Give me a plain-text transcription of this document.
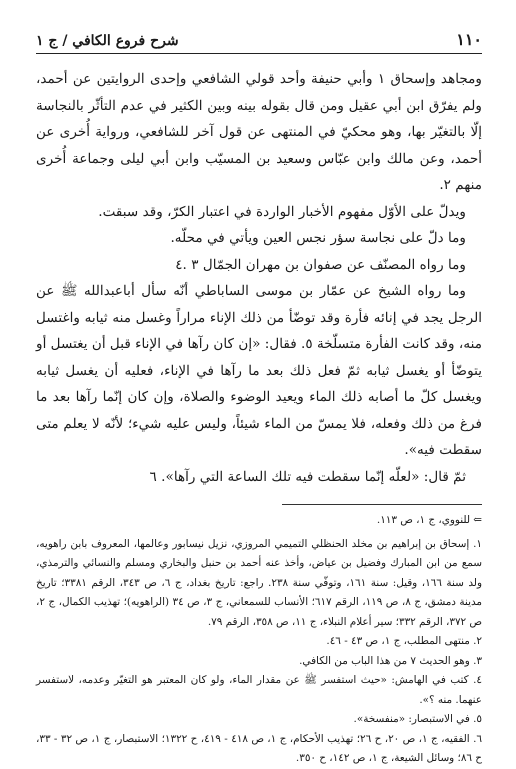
١١٠
شرح فروع الكافي / ج ١

ومجاهد وإسحاق ١ وأبي حنيفة وأحد قولي الشافعي وإحدى الروايتين عن أحمد، ولم يفرّق ابن أبي عقيل ومن قال بقوله بينه وبين الكثير في عدم التأثّر بالنجاسة إلّا بالتغيّر بها، وهو محكيّ في المنتهى عن قول آخر للشافعي، ورواية أُخرى عن أحمد، وعن مالك وابن عبّاس وسعيد بن المسيّب وابن أبي ليلى وجماعة أُخرى منهم ٢.

ويدلّ على الأوّل مفهوم الأخبار الواردة في اعتبار الكرّ، وقد سبقت.

وما دلّ على نجاسة سؤر نجس العين ويأتي في محلّه.

وما رواه المصنّف عن صفوان بن مهران الجمّال ٣ .٤

وما رواه الشيخ عن عمّار بن موسى الساباطي أنّه سأل أباعبدالله ﷺ عن الرجل يجد في إنائه فأرة وقد توضّأ من ذلك الإناء مراراً وغسل منه ثيابه واغتسل منه، وقد كانت الفأرة متسلّخة ٥. فقال: «إن كان رآها في الإناء قبل أن يغتسل أو يتوضّأ أو يغسل ثيابه ثمّ فعل ذلك بعد ما رآها في الإناء، فعليه أن يغسل ثيابه ويغسل كلّ ما أصابه ذلك الماء ويعيد الوضوء والصلاة، وإن كان إنّما رآها بعد ما فرغ من ذلك وفعله، فلا يمسّ من الماء شيئاً، وليس عليه شيء؛ لأنّه لا يعلم متى سقطت فيه».

ثمّ قال: «لعلّه إنّما سقطت فيه تلك الساعة التي رآها». ٦

⇐ للنووي، ج ١، ص ١١٣.

١. إسحاق بن إبراهيم بن مخلد الحنظلي التميمي المروزي، نزيل نيسابور وعالمها، المعروف بابن راهويه، سمع من ابن المبارك وفضيل بن عياض، وأخذ عنه أحمد بن حنبل والبخاري ومسلم والنسائي والترمذي، ولد سنة ١٦٦، وقيل: سنة ١٦١، وتوفّي سنة ٢٣٨. راجع: تاريخ بغداد، ج ٦، ص ٣٤٣، الرقم ٣٣٨١؛ تاريخ مدينة دمشق، ج ٨، ص ١١٩، الرقم ٦١٧؛ الأنساب للسمعاني، ج ٣، ص ٣٤ (الراهويه)؛ تهذيب الكمال، ج ٢، ص ٣٧٢، الرقم ٣٣٢؛ سير أعلام النبلاء، ج ١١، ص ٣٥٨، الرقم ٧٩.

٢. منتهى المطلب، ج ١، ص ٤٣ - ٤٦.

٣. وهو الحديث ٧ من هذا الباب من الكافي.

٤. كتب في الهامش: «حيث استفسر ﷺ عن مقدار الماء، ولو كان المعتبر هو التغيّر وعدمه، لاستفسر عنهما. منه ؟».

٥. في الاستبصار: «منفسخة».

٦. الفقيه، ج ١، ص ٢٠، ح ٢٦؛ تهذيب الأحكام، ج ١، ص ٤١٨ - ٤١٩، ح ١٣٢٢؛ الاستبصار، ج ١، ص ٣٢ - ٣٣، ح ٨٦؛ وسائل الشيعة، ج ١، ص ١٤٢، ح ٣٥٠.
